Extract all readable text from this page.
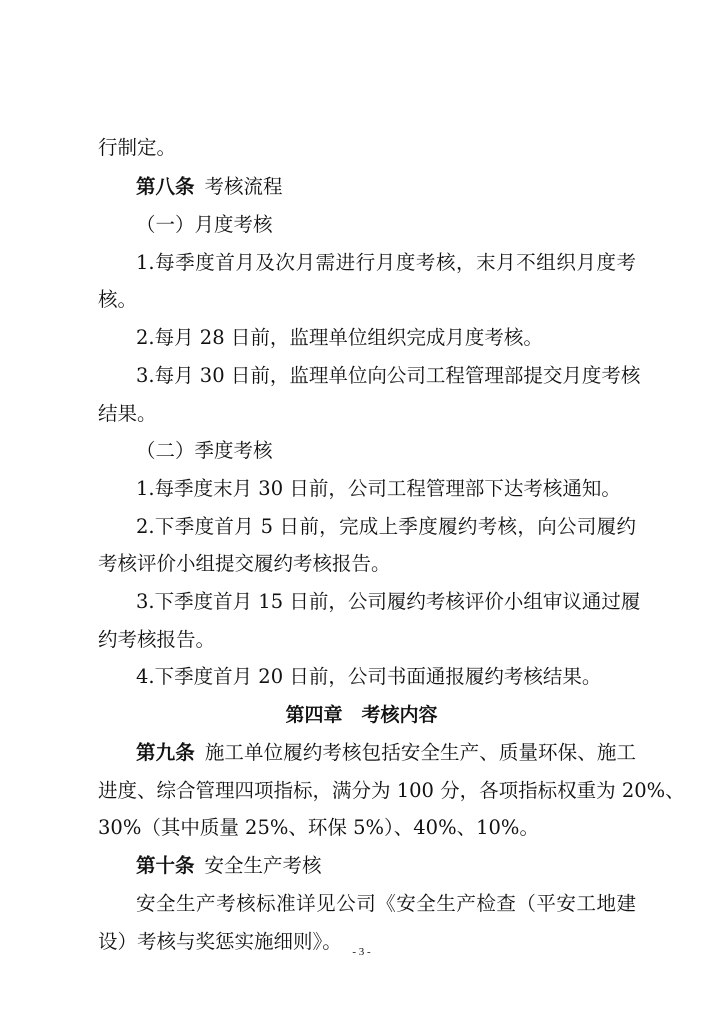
行制定。
第八条 考核流程
（一）月度考核
1.每季度首月及次月需进行月度考核，末月不组织月度考
核。
2.每月 28 日前，监理单位组织完成月度考核。
3.每月 30 日前，监理单位向公司工程管理部提交月度考核
结果。
（二）季度考核
1.每季度末月 30 日前，公司工程管理部下达考核通知。
2.下季度首月 5 日前，完成上季度履约考核，向公司履约
考核评价小组提交履约考核报告。
3.下季度首月 15 日前，公司履约考核评价小组审议通过履
约考核报告。
4.下季度首月 20 日前，公司书面通报履约考核结果。
第四章　考核内容
第九条 施工单位履约考核包括安全生产、质量环保、施工
进度、综合管理四项指标，满分为 100 分，各项指标权重为 20%、
30%（其中质量 25%、环保 5%）、40%、10%。
第十条 安全生产考核
安全生产考核标准详见公司《安全生产检查（平安工地建
设）考核与奖惩实施细则》。 - 3 -
